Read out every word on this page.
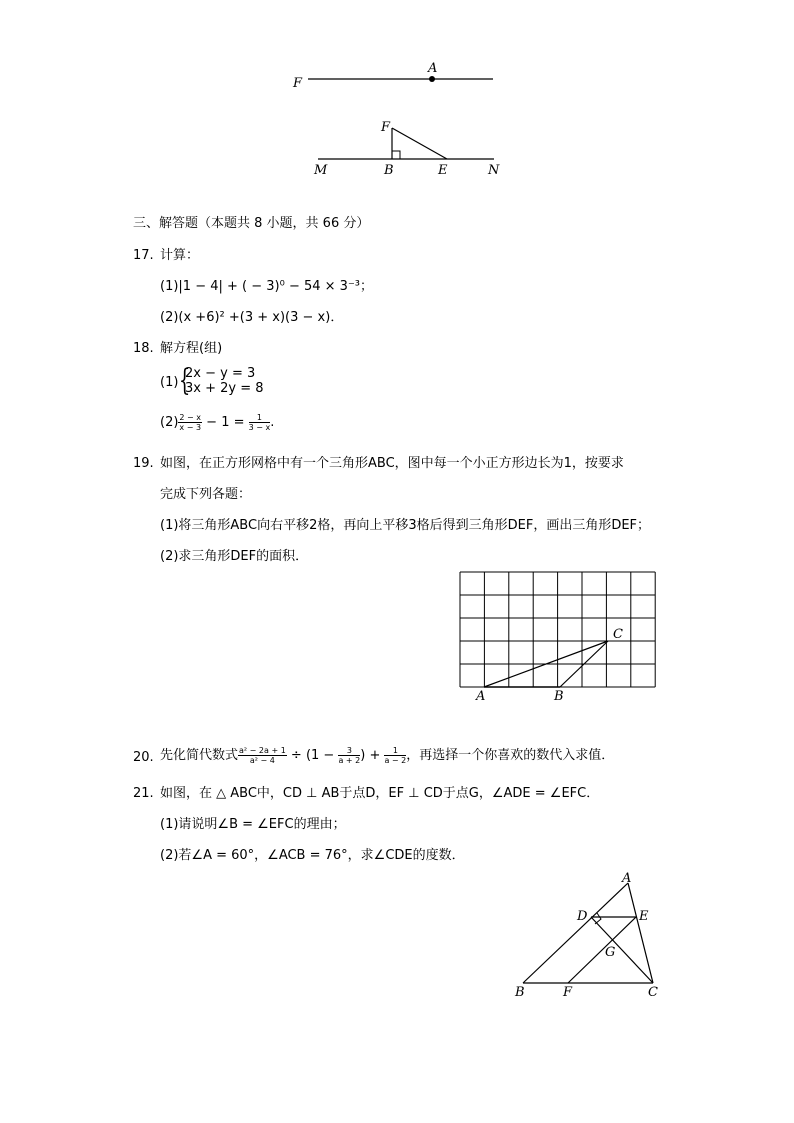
F
A
F
M	B	E	N
三、解答题（本题共 8 小题，共 66 分）
17. 计算：
(1)|1 − 4| + ( − 3)⁰ − 54 × 3⁻³；
(2)(x +6)² +(3 + x)(3 − x)．
18. 解方程(组)
(1) {
2x − y = 3
3x + 2y = 8
$(2) \frac{2 - x}{x - 3} - 1 = \frac{1}{3 - x}$ .
19. 如图，在正方形网格中有一个三角形ABC，图中每一个小正方形边长为1，按要求
完成下列各题：
(1)将三角形ABC向右平移2格，再向上平移3格后得到三角形DEF，画出三角形DEF；
(2)求三角形DEF的面积．
A	B
C
20. 先化简代数式 $\frac{\text{a² − 2a + 1}}{\text{a² − 4}} \div (1 - \frac{3}{a + 2}$ ) + $\frac{1}{a - 2}$ ，再选择一个你喜欢的数代入求值．
21. 如图，在 △ ABC中，CD ⊥ AB于点D，EF ⊥ CD于点G，∠ADE = ∠EFC．
(1)请说明∠B = ∠EFC的理由；
(2)若∠A = 60°，∠ACB = 76°，求∠CDE的度数．
A
D	E
G
B	F	C
